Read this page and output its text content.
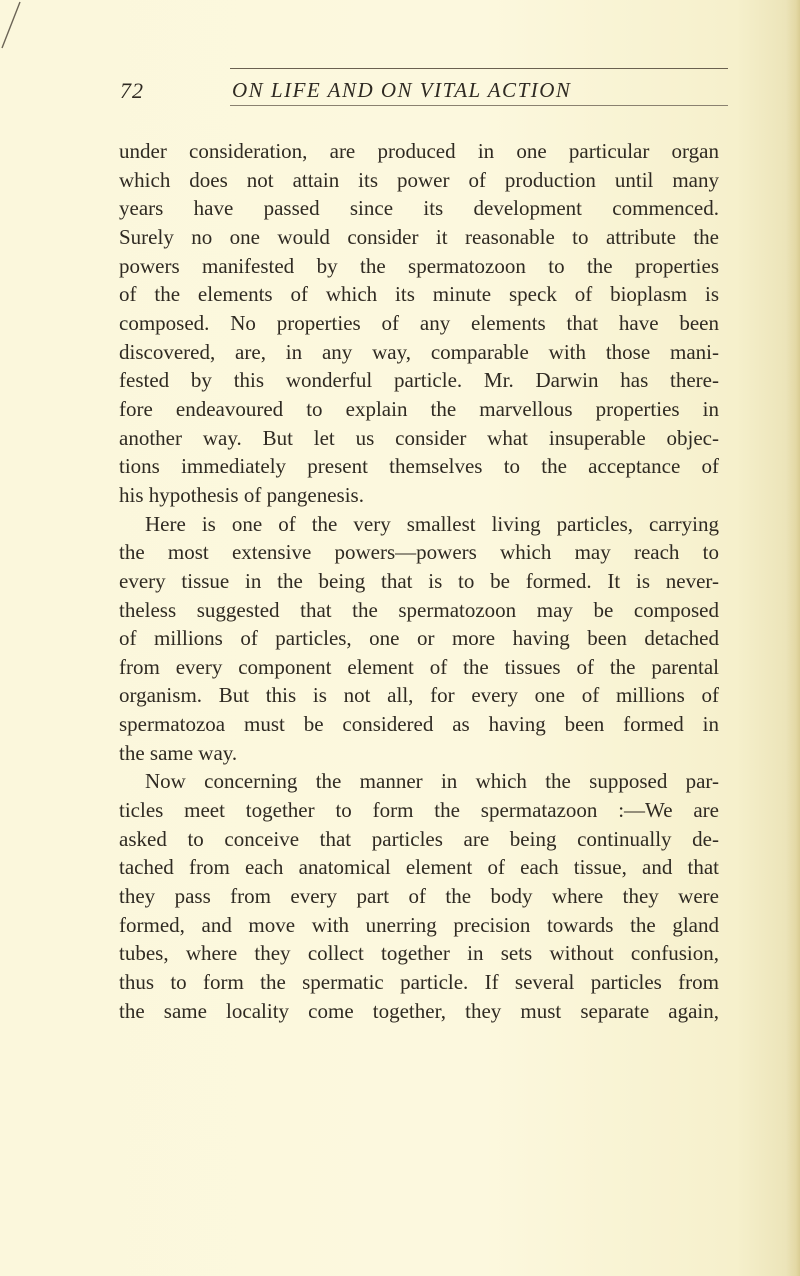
72	ON LIFE AND ON VITAL ACTION
under consideration, are produced in one particular organ
which does not attain its power of production until many
years have passed since its development commenced.
Surely no one would consider it reasonable to attribute the
powers manifested by the spermatozoon to the properties
of the elements of which its minute speck of bioplasm is
composed. No properties of any elements that have been
discovered, are, in any way, comparable with those mani-
fested by this wonderful particle. Mr. Darwin has there-
fore endeavoured to explain the marvellous properties in
another way. But let us consider what insuperable objec-
tions immediately present themselves to the acceptance of
his hypothesis of pangenesis.
Here is one of the very smallest living particles, carrying
the most extensive powers—powers which may reach to
every tissue in the being that is to be formed. It is never-
theless suggested that the spermatozoon may be composed
of millions of particles, one or more having been detached
from every component element of the tissues of the parental
organism. But this is not all, for every one of millions of
spermatozoa must be considered as having been formed in
the same way.
Now concerning the manner in which the supposed par-
ticles meet together to form the spermatazoon :—We are
asked to conceive that particles are being continually de-
tached from each anatomical element of each tissue, and that
they pass from every part of the body where they were
formed, and move with unerring precision towards the gland
tubes, where they collect together in sets without confusion,
thus to form the spermatic particle. If several particles from
the same locality come together, they must separate again,
